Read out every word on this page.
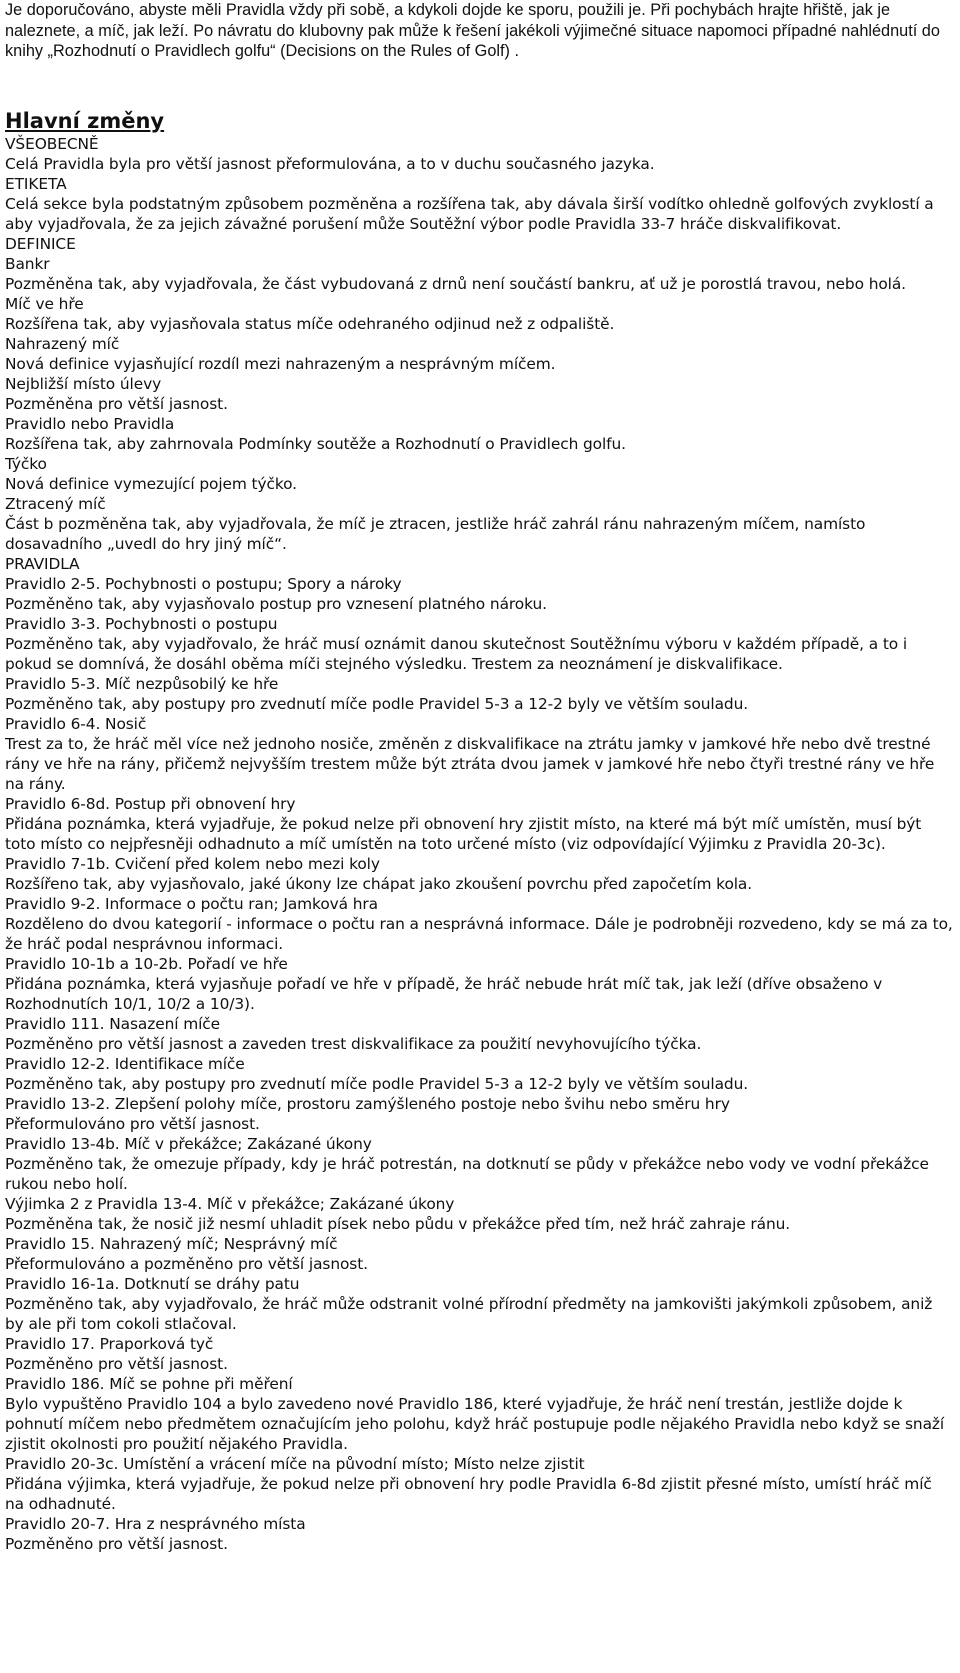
Je doporučováno, abyste měli Pravidla vždy při sobě, a kdykoli dojde ke sporu, použili je. Při pochybách hrajte hřiště, jak je naleznete, a míč, jak leží. Po návratu do klubovny pak může k řešení jakékoli výjimečné situace napomoci případné nahlédnutí do knihy „Rozhodnutí o Pravidlech golfu“ (Decisions on the Rules of Golf) .

Hlavní změny

VŠEOBECNĚ

Celá Pravidla byla pro větší jasnost přeformulována, a to v duchu současného jazyka.

ETIKETA

Celá sekce byla podstatným způsobem pozměněna a rozšířena tak, aby dávala širší vodítko ohledně golfových zvyklostí a aby vyjadřovala, že za jejich závažné porušení může Soutěžní výbor podle Pravidla 33-7 hráče diskvalifikovat.

DEFINICE

Bankr

Pozměněna tak, aby vyjadřovala, že část vybudovaná z drnů není součástí bankru, ať už je porostlá travou, nebo holá.

Míč ve hře

Rozšířena tak, aby vyjasňovala status míče odehraného odjinud než z odpaliště.

Nahrazený míč

Nová definice vyjasňující rozdíl mezi nahrazeným a nesprávným míčem.

Nejbližší místo úlevy

Pozměněna pro větší jasnost.

Pravidlo nebo Pravidla

Rozšířena tak, aby zahrnovala Podmínky soutěže a Rozhodnutí o Pravidlech golfu.

Týčko

Nová definice vymezující pojem týčko.

Ztracený míč

Část b pozměněna tak, aby vyjadřovala, že míč je ztracen, jestliže hráč zahrál ránu nahrazeným míčem, namísto dosavadního „uvedl do hry jiný míč“.

PRAVIDLA

Pravidlo 2-5. Pochybnosti o postupu; Spory a nároky

Pozměněno tak, aby vyjasňovalo postup pro vznesení platného nároku.

Pravidlo 3-3. Pochybnosti o postupu

Pozměněno tak, aby vyjadřovalo, že hráč musí oznámit danou skutečnost Soutěžnímu výboru v každém případě, a to i pokud se domnívá, že dosáhl oběma míči stejného výsledku. Trestem za neoznámení je diskvalifikace.

Pravidlo 5-3. Míč nezpůsobilý ke hře

Pozměněno tak, aby postupy pro zvednutí míče podle Pravidel 5-3 a 12-2 byly ve větším souladu.

Pravidlo 6-4. Nosič

Trest za to, že hráč měl více než jednoho nosiče, změněn z diskvalifikace na ztrátu jamky v jamkové hře nebo dvě trestné rány ve hře na rány, přičemž nejvyšším trestem může být ztráta dvou jamek v jamkové hře nebo čtyři trestné rány ve hře na rány.

Pravidlo 6-8d. Postup při obnovení hry

Přidána poznámka, která vyjadřuje, že pokud nelze při obnovení hry zjistit místo, na které má být míč umístěn, musí být toto místo co nejpřesněji odhadnuto a míč umístěn na toto určené místo (viz odpovídající Výjimku z Pravidla 20-3c).

Pravidlo 7-1b. Cvičení před kolem nebo mezi koly

Rozšířeno tak, aby vyjasňovalo, jaké úkony lze chápat jako zkoušení povrchu před započetím kola.

Pravidlo 9-2. Informace o počtu ran; Jamková hra

Rozděleno do dvou kategorií - informace o počtu ran a nesprávná informace. Dále je podrobněji rozvedeno, kdy se má za to, že hráč podal nesprávnou informaci.

Pravidlo 10-1b a 10-2b. Pořadí ve hře

Přidána poznámka, která vyjasňuje pořadí ve hře v případě, že hráč nebude hrát míč tak, jak leží (dříve obsaženo v Rozhodnutích 10/1, 10/2 a 10/3).

Pravidlo 111. Nasazení míče

Pozměněno pro větší jasnost a zaveden trest diskvalifikace za použití nevyhovujícího týčka.

Pravidlo 12-2. Identifikace míče

Pozměněno tak, aby postupy pro zvednutí míče podle Pravidel 5-3 a 12-2 byly ve větším souladu.

Pravidlo 13-2. Zlepšení polohy míče, prostoru zamýšleného postoje nebo švihu nebo směru hry

Přeformulováno pro větší jasnost.

Pravidlo 13-4b. Míč v překážce; Zakázané úkony

Pozměněno tak, že omezuje případy, kdy je hráč potrestán, na dotknutí se půdy v překážce nebo vody ve vodní překážce rukou nebo holí.

Výjimka 2 z Pravidla 13-4. Míč v překážce; Zakázané úkony

Pozměněna tak, že nosič již nesmí uhladit písek nebo půdu v překážce před tím, než hráč zahraje ránu.

Pravidlo 15. Nahrazený míč; Nesprávný míč

Přeformulováno a pozměněno pro větší jasnost.

Pravidlo 16-1a. Dotknutí se dráhy patu

Pozměněno tak, aby vyjadřovalo, že hráč může odstranit volné přírodní předměty na jamkovišti jakýmkoli způsobem, aniž by ale při tom cokoli stlačoval.

Pravidlo 17. Praporková tyč

Pozměněno pro větší jasnost.

Pravidlo 186. Míč se pohne při měření

Bylo vypuštěno Pravidlo 104 a bylo zavedeno nové Pravidlo 186, které vyjadřuje, že hráč není trestán, jestliže dojde k pohnutí míčem nebo předmětem označujícím jeho polohu, když hráč postupuje podle nějakého Pravidla nebo když se snaží zjistit okolnosti pro použití nějakého Pravidla.

Pravidlo 20-3c. Umístění a vrácení míče na původní místo; Místo nelze zjistit

Přidána výjimka, která vyjadřuje, že pokud nelze při obnovení hry podle Pravidla 6-8d zjistit přesné místo, umístí hráč míč na odhadnuté.

Pravidlo 20-7. Hra z nesprávného místa

Pozměněno pro větší jasnost.
